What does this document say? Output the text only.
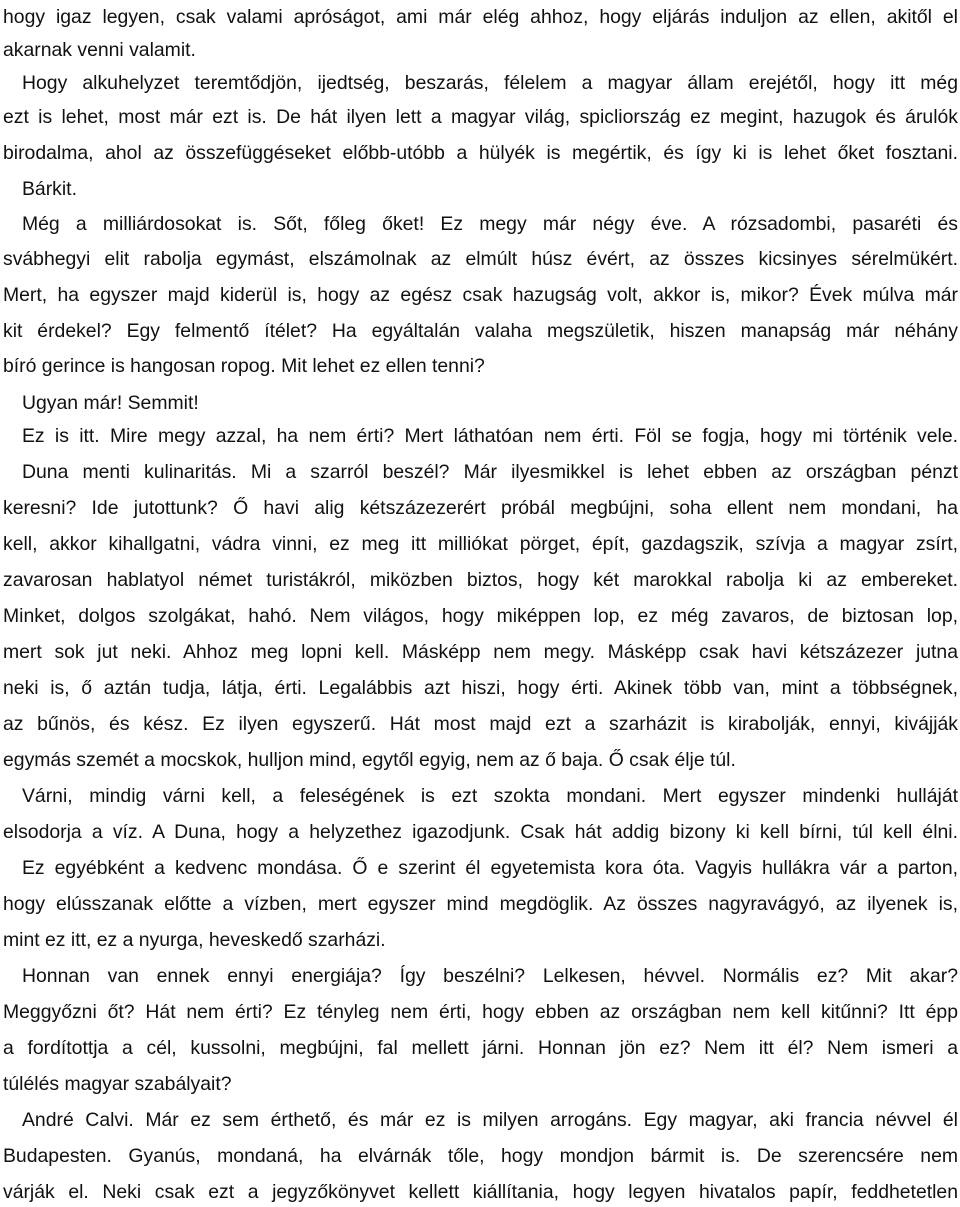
hogy igaz legyen, csak valami apróságot, ami már elég ahhoz, hogy eljárás induljon az ellen, akitől el
akarnak venni valamit.
Hogy alkuhelyzet teremtődjön, ijedtség, beszarás, félelem a magyar állam erejétől, hogy itt még
ezt is lehet, most már ezt is. De hát ilyen lett a magyar világ, spicliország ez megint, hazugok és árulók
birodalma, ahol az összefüggéseket előbb-utóbb a hülyék is megértik, és így ki is lehet őket fosztani.
Bárkit.
Még a milliárdosokat is. Sőt, főleg őket! Ez megy már négy éve. A rózsadombi, pasaréti és
svábhegyi elit rabolja egymást, elszámolnak az elmúlt húsz évért, az összes kicsinyes sérelmükért.
Mert, ha egyszer majd kiderül is, hogy az egész csak hazugság volt, akkor is, mikor? Évek múlva már
kit érdekel? Egy felmentő ítélet? Ha egyáltalán valaha megszületik, hiszen manapság már néhány
bíró gerince is hangosan ropog. Mit lehet ez ellen tenni?
Ugyan már! Semmit!
Ez is itt. Mire megy azzal, ha nem érti? Mert láthatóan nem érti. Föl se fogja, hogy mi történik vele.
Duna menti kulinaritás. Mi a szarról beszél? Már ilyesmikkel is lehet ebben az országban pénzt
keresni? Ide jutottunk? Ő havi alig kétszázezerért próbál megbújni, soha ellent nem mondani, ha
kell, akkor kihallgatni, vádra vinni, ez meg itt milliókat pörget, épít, gazdagszik, szívja a magyar zsírt,
zavarosan hablatyol német turistákról, miközben biztos, hogy két marokkal rabolja ki az embereket.
Minket, dolgos szolgákat, hahó. Nem világos, hogy miképpen lop, ez még zavaros, de biztosan lop,
mert sok jut neki. Ahhoz meg lopni kell. Másképp nem megy. Másképp csak havi kétszázezer jutna
neki is, ő aztán tudja, látja, érti. Legalábbis azt hiszi, hogy érti. Akinek több van, mint a többségnek,
az bűnös, és kész. Ez ilyen egyszerű. Hát most majd ezt a szarházit is kirabolják, ennyi, kivájják
egymás szemét a mocskok, hulljon mind, egytől egyig, nem az ő baja. Ő csak élje túl.
Várni, mindig várni kell, a feleségének is ezt szokta mondani. Mert egyszer mindenki hulláját
elsodorja a víz. A Duna, hogy a helyzethez igazodjunk. Csak hát addig bizony ki kell bírni, túl kell élni.
Ez egyébként a kedvenc mondása. Ő e szerint él egyetemista kora óta. Vagyis hullákra vár a parton,
hogy elússzanak előtte a vízben, mert egyszer mind megdöglik. Az összes nagyravágyó, az ilyenek is,
mint ez itt, ez a nyurga, heveskedő szarházi.
Honnan van ennek ennyi energiája? Így beszélni? Lelkesen, hévvel. Normális ez? Mit akar?
Meggyőzni őt? Hát nem érti? Ez tényleg nem érti, hogy ebben az országban nem kell kitűnni? Itt épp
a fordítottja a cél, kussolni, megbújni, fal mellett járni. Honnan jön ez? Nem itt él? Nem ismeri a
túlélés magyar szabályait?
André Calvi. Már ez sem érthető, és már ez is milyen arrogáns. Egy magyar, aki francia névvel él
Budapesten. Gyanús, mondaná, ha elvárnák tőle, hogy mondjon bármit is. De szerencsére nem
várják el. Neki csak ezt a jegyzőkönyvet kellett kiállítania, hogy legyen hivatalos papír, feddhetetlen
